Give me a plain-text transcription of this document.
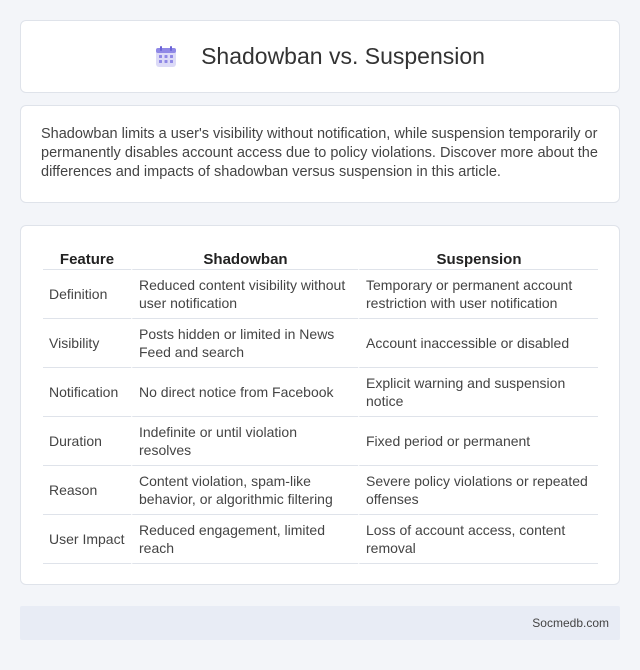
Shadowban vs. Suspension

Shadowban limits a user's visibility without notification, while suspension temporarily or permanently disables account access due to policy violations. Discover more about the differences and impacts of shadowban versus suspension in this article.

Feature	Shadowban	Suspension
Definition	Reduced content visibility without user notification	Temporary or permanent account restriction with user notification
Visibility	Posts hidden or limited in News Feed and search	Account inaccessible or disabled
Notification	No direct notice from Facebook	Explicit warning and suspension notice
Duration	Indefinite or until violation resolves	Fixed period or permanent
Reason	Content violation, spam-like behavior, or algorithmic filtering	Severe policy violations or repeated offenses
User Impact	Reduced engagement, limited reach	Loss of account access, content removal
Socmedb.com
